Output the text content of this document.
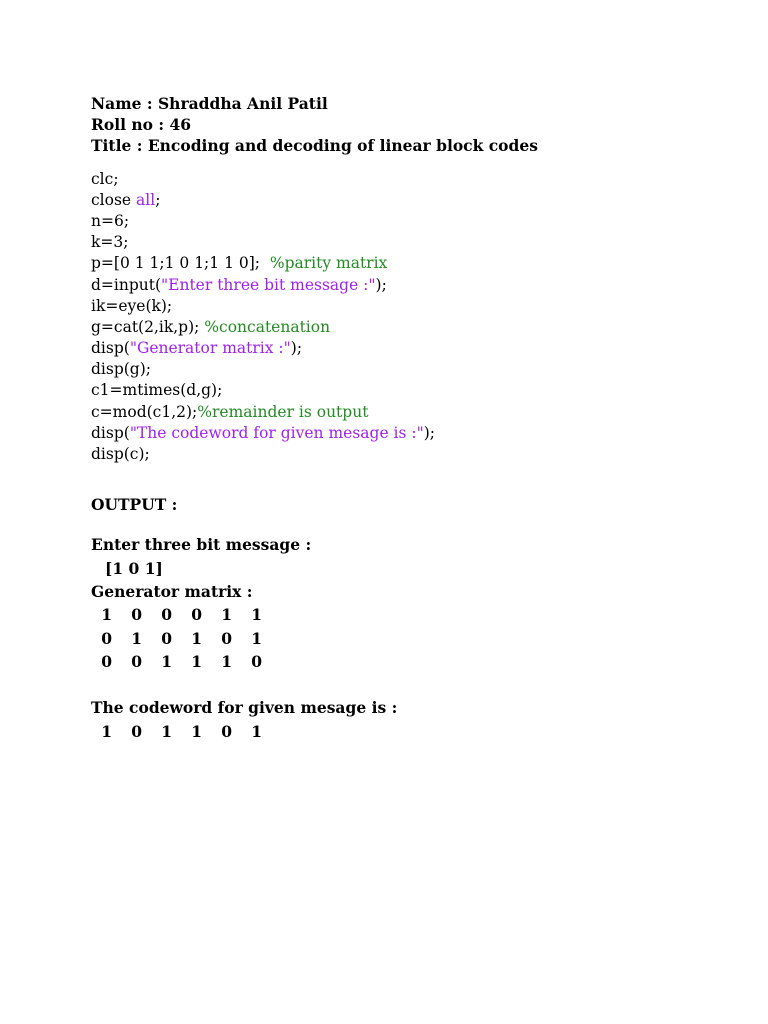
Name : Shraddha Anil Patil
Roll no : 46
Title : Encoding and decoding of linear block codes
clc;
close all;
n=6;
k=3;
p=[0 1 1;1 0 1;1 1 0];  %parity matrix
d=input("Enter three bit message :");
ik=eye(k);
g=cat(2,ik,p); %concatenation
disp("Generator matrix :");
disp(g);
c1=mtimes(d,g);
c=mod(c1,2);%remainder is output
disp("The codeword for given mesage is :");
disp(c);
OUTPUT :
Enter three bit message :
[1 0 1]
Generator matrix :
1	0	0	0	1	1
0	1	0	1	0	1
0	0	1	1	1	0
The codeword for given mesage is :
1	0	1	1	0	1
